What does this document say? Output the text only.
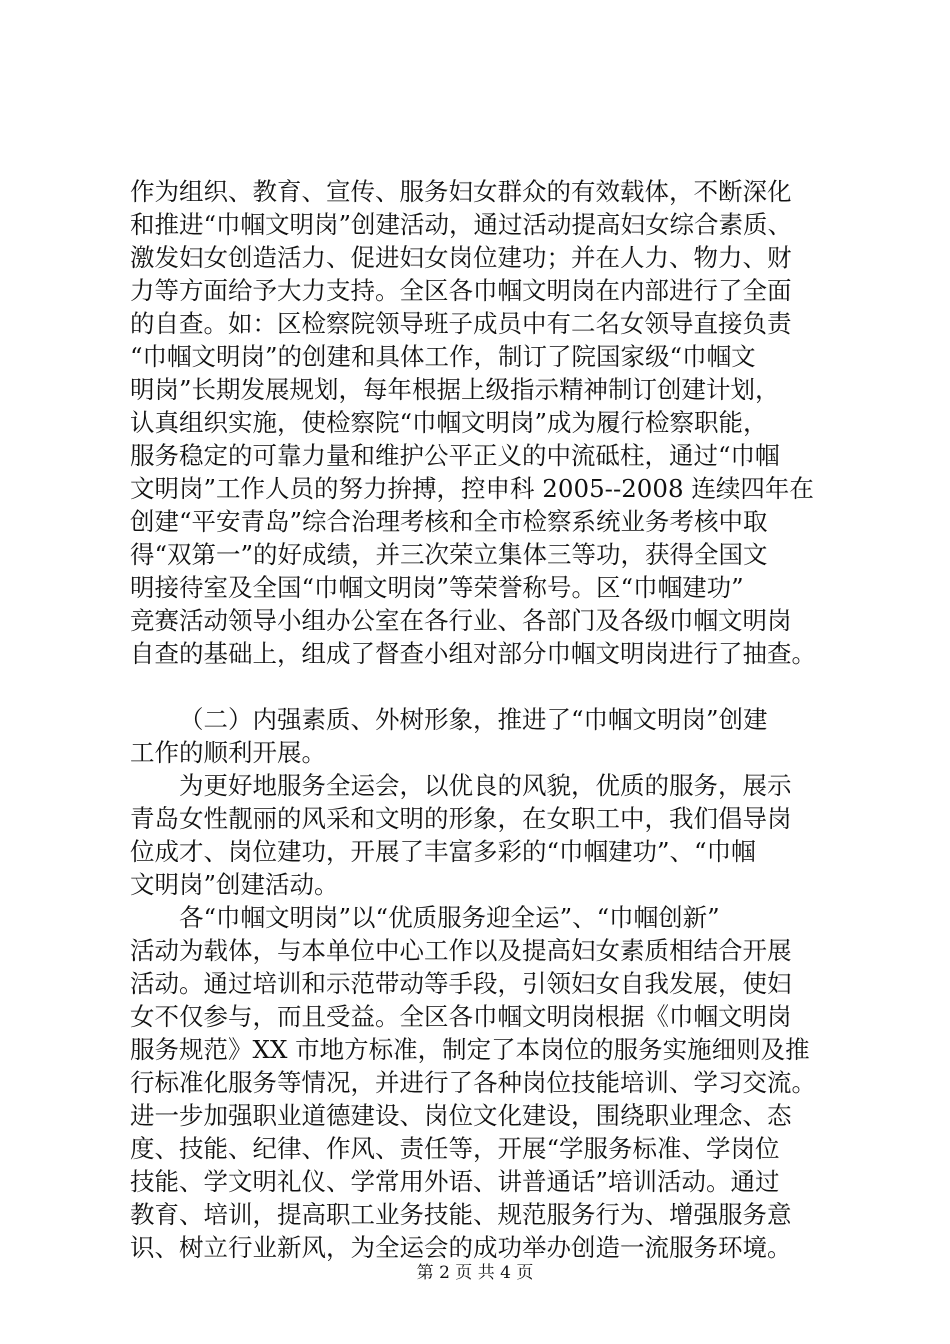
作为组织、教育、宣传、服务妇女群众的有效载体，不断深化
和推进“巾帼文明岗”创建活动，通过活动提高妇女综合素质、
激发妇女创造活力、促进妇女岗位建功；并在人力、物力、财
力等方面给予大力支持。全区各巾帼文明岗在内部进行了全面
的自查。如：区检察院领导班子成员中有二名女领导直接负责
“巾帼文明岗”的创建和具体工作，制订了院国家级“巾帼文
明岗”长期发展规划，每年根据上级指示精神制订创建计划，
认真组织实施，使检察院“巾帼文明岗”成为履行检察职能，
服务稳定的可靠力量和维护公平正义的中流砥柱，通过“巾帼
文明岗”工作人员的努力拚搏，控申科 2005--2008 连续四年在
创建“平安青岛”综合治理考核和全市检察系统业务考核中取
得“双第一”的好成绩，并三次荣立集体三等功，获得全国文
明接待室及全国“巾帼文明岗”等荣誉称号。区“巾帼建功”
竞赛活动领导小组办公室在各行业、各部门及各级巾帼文明岗
自查的基础上，组成了督查小组对部分巾帼文明岗进行了抽查。
（二）内强素质、外树形象，推进了“巾帼文明岗”创建
工作的顺利开展。
为更好地服务全运会，以优良的风貌，优质的服务，展示
青岛女性靓丽的风采和文明的形象，在女职工中，我们倡导岗
位成才、岗位建功，开展了丰富多彩的“巾帼建功”、“巾帼
文明岗”创建活动。
各“巾帼文明岗”以“优质服务迎全运”、“巾帼创新”
活动为载体，与本单位中心工作以及提高妇女素质相结合开展
活动。通过培训和示范带动等手段，引领妇女自我发展，使妇
女不仅参与，而且受益。全区各巾帼文明岗根据《巾帼文明岗
服务规范》XX 市地方标准，制定了本岗位的服务实施细则及推
行标准化服务等情况，并进行了各种岗位技能培训、学习交流。
进一步加强职业道德建设、岗位文化建设，围绕职业理念、态
度、技能、纪律、作风、责任等，开展“学服务标准、学岗位
技能、学文明礼仪、学常用外语、讲普通话”培训活动。通过
教育、培训，提高职工业务技能、规范服务行为、增强服务意
识、树立行业新风，为全运会的成功举办创造一流服务环境。
第 2 页 共 4 页
